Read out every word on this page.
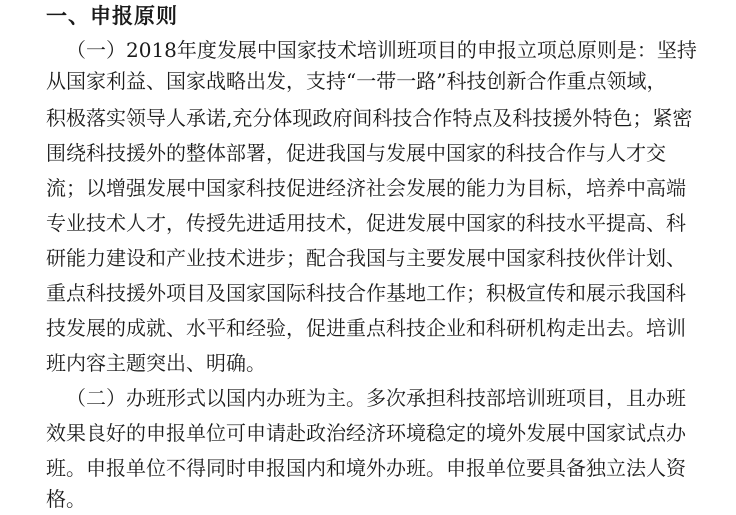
一、申报原则

（一）2018年度发展中国家技术培训班项目的申报立项总原则是：坚持

从国家利益、国家战略出发，支持“一带一路”科技创新合作重点领域，

积极落实领导人承诺,充分体现政府间科技合作特点及科技援外特色；紧密

围绕科技援外的整体部署，促进我国与发展中国家的科技合作与人才交

流；以增强发展中国家科技促进经济社会发展的能力为目标，培养中高端

专业技术人才，传授先进适用技术，促进发展中国家的科技水平提高、科

研能力建设和产业技术进步；配合我国与主要发展中国家科技伙伴计划、

重点科技援外项目及国家国际科技合作基地工作；积极宣传和展示我国科

技发展的成就、水平和经验，促进重点科技企业和科研机构走出去。培训

班内容主题突出、明确。

（二）办班形式以国内办班为主。多次承担科技部培训班项目，且办班

效果良好的申报单位可申请赴政治经济环境稳定的境外发展中国家试点办

班。申报单位不得同时申报国内和境外办班。申报单位要具备独立法人资

格。
